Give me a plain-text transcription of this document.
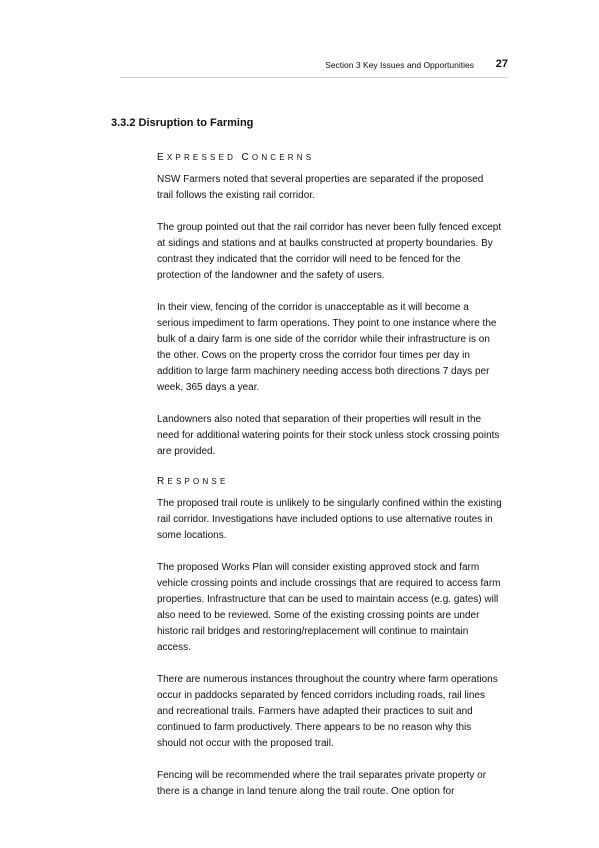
Section 3 Key Issues and Opportunities 27
3.3.2 Disruption to Farming
EXPRESSED CONCERNS

NSW Farmers noted that several properties are separated if the proposed trail follows the existing rail corridor.

The group pointed out that the rail corridor has never been fully fenced except at sidings and stations and at baulks constructed at property boundaries. By contrast they indicated that the corridor will need to be fenced for the protection of the landowner and the safety of users.

In their view, fencing of the corridor is unacceptable as it will become a serious impediment to farm operations. They point to one instance where the bulk of a dairy farm is one side of the corridor while their infrastructure is on the other. Cows on the property cross the corridor four times per day in addition to large farm machinery needing access both directions 7 days per week, 365 days a year.

Landowners also noted that separation of their properties will result in the need for additional watering points for their stock unless stock crossing points are provided.

RESPONSE

The proposed trail route is unlikely to be singularly confined within the existing rail corridor. Investigations have included options to use alternative routes in some locations.

The proposed Works Plan will consider existing approved stock and farm vehicle crossing points and include crossings that are required to access farm properties. Infrastructure that can be used to maintain access (e.g. gates) will also need to be reviewed. Some of the existing crossing points are under historic rail bridges and restoring/replacement will continue to maintain access.

There are numerous instances throughout the country where farm operations occur in paddocks separated by fenced corridors including roads, rail lines and recreational trails. Farmers have adapted their practices to suit and continued to farm productively. There appears to be no reason why this should not occur with the proposed trail.

Fencing will be recommended where the trail separates private property or there is a change in land tenure along the trail route. One option for
